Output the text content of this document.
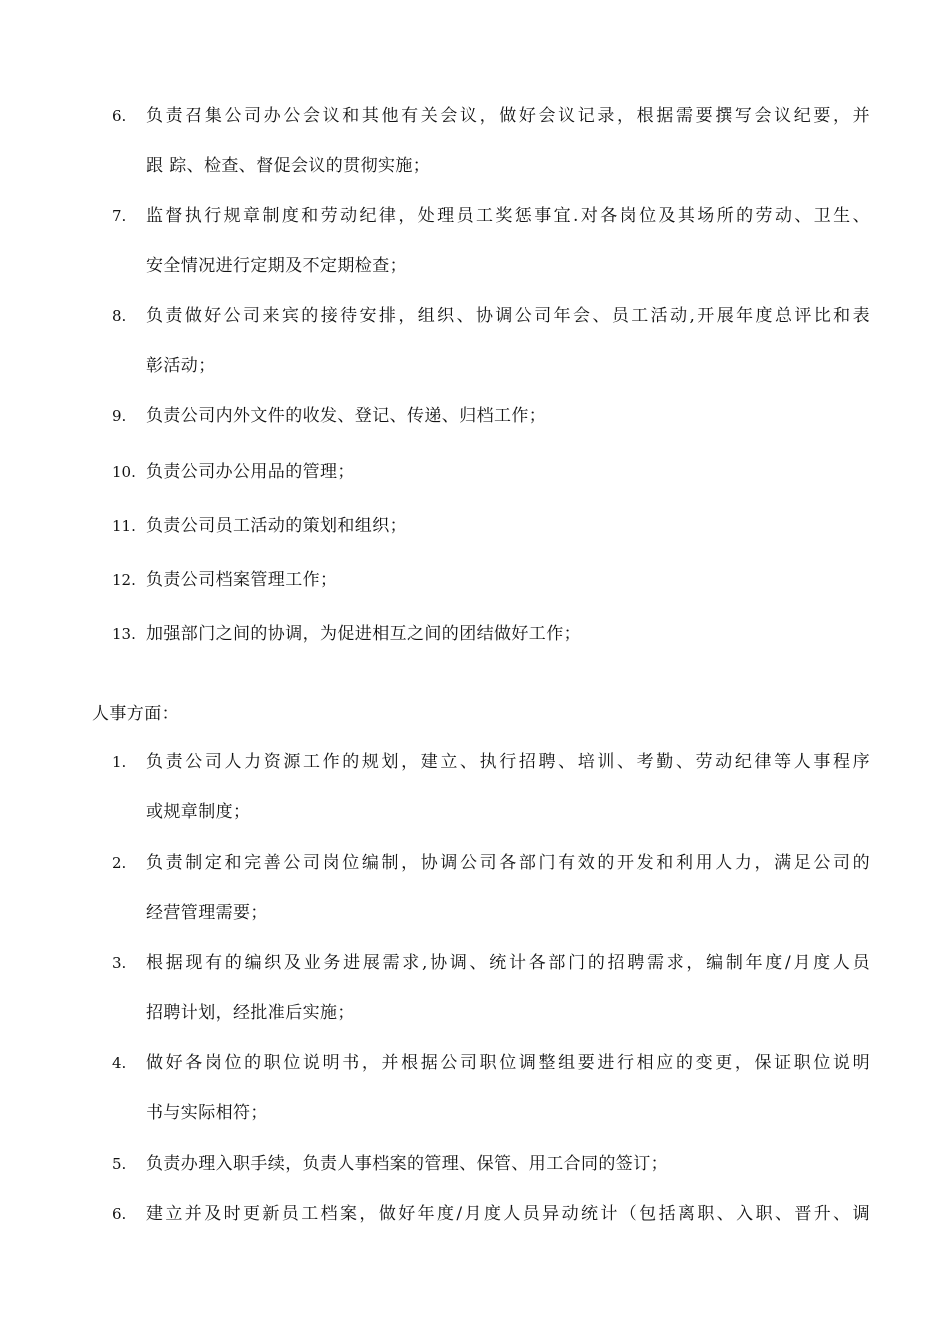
6. 负责召集公司办公会议和其他有关会议，做好会议记录，根据需要撰写会议纪要，并
跟 踪、检查、督促会议的贯彻实施；
7. 监督执行规章制度和劳动纪律，处理员工奖惩事宜.对各岗位及其场所的劳动、卫生、
安全情况进行定期及不定期检查；
8. 负责做好公司来宾的接待安排，组织、协调公司年会、员工活动,开展年度总评比和表
彰活动；
9. 负责公司内外文件的收发、登记、传递、归档工作；
10. 负责公司办公用品的管理；
11. 负责公司员工活动的策划和组织；
12. 负责公司档案管理工作；
13. 加强部门之间的协调，为促进相互之间的团结做好工作；
人事方面：
1. 负责公司人力资源工作的规划，建立、执行招聘、培训、考勤、劳动纪律等人事程序
或规章制度；
2. 负责制定和完善公司岗位编制，协调公司各部门有效的开发和利用人力，满足公司的
经营管理需要；
3. 根据现有的编织及业务进展需求,协调、统计各部门的招聘需求，编制年度/月度人员
招聘计划，经批准后实施；
4. 做好各岗位的职位说明书，并根据公司职位调整组要进行相应的变更，保证职位说明
书与实际相符；
5. 负责办理入职手续，负责人事档案的管理、保管、用工合同的签订；
6. 建立并及时更新员工档案，做好年度/月度人员异动统计（包括离职、入职、晋升、调
